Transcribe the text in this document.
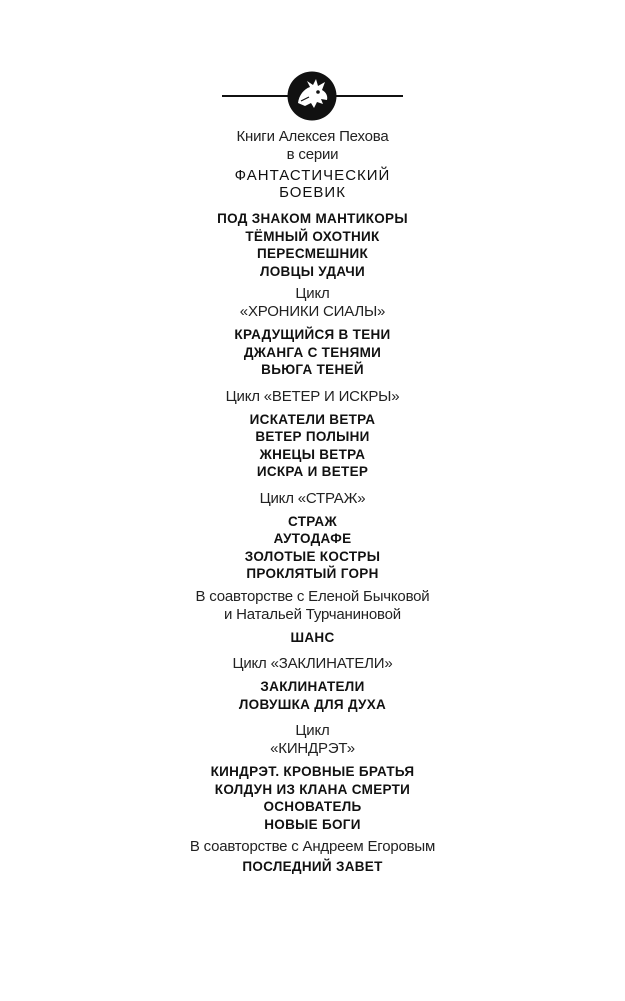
Книги Алексея Пехова
в серии
ФАНТАСТИЧЕСКИЙ
БОЕВИК
ПОД ЗНАКОМ МАНТИКОРЫ
ТЁМНЫЙ ОХОТНИК
ПЕРЕСМЕШНИК
ЛОВЦЫ УДАЧИ
Цикл
«ХРОНИКИ СИАЛЫ»
КРАДУЩИЙСЯ В ТЕНИ
ДЖАНГА С ТЕНЯМИ
ВЬЮГА ТЕНЕЙ
Цикл «ВЕТЕР И ИСКРЫ»
ИСКАТЕЛИ ВЕТРА
ВЕТЕР ПОЛЫНИ
ЖНЕЦЫ ВЕТРА
ИСКРА И ВЕТЕР
Цикл «СТРАЖ»
СТРАЖ
АУТОДАФЕ
ЗОЛОТЫЕ КОСТРЫ
ПРОКЛЯТЫЙ ГОРН
В соавторстве с Еленой Бычковой
и Натальей Турчаниновой
ШАНС
Цикл «ЗАКЛИНАТЕЛИ»
ЗАКЛИНАТЕЛИ
ЛОВУШКА ДЛЯ ДУХА
Цикл
«КИНДРЭТ»
КИНДРЭТ. КРОВНЫЕ БРАТЬЯ
КОЛДУН ИЗ КЛАНА СМЕРТИ
ОСНОВАТЕЛЬ
НОВЫЕ БОГИ
В соавторстве с Андреем Егоровым
ПОСЛЕДНИЙ ЗАВЕТ
